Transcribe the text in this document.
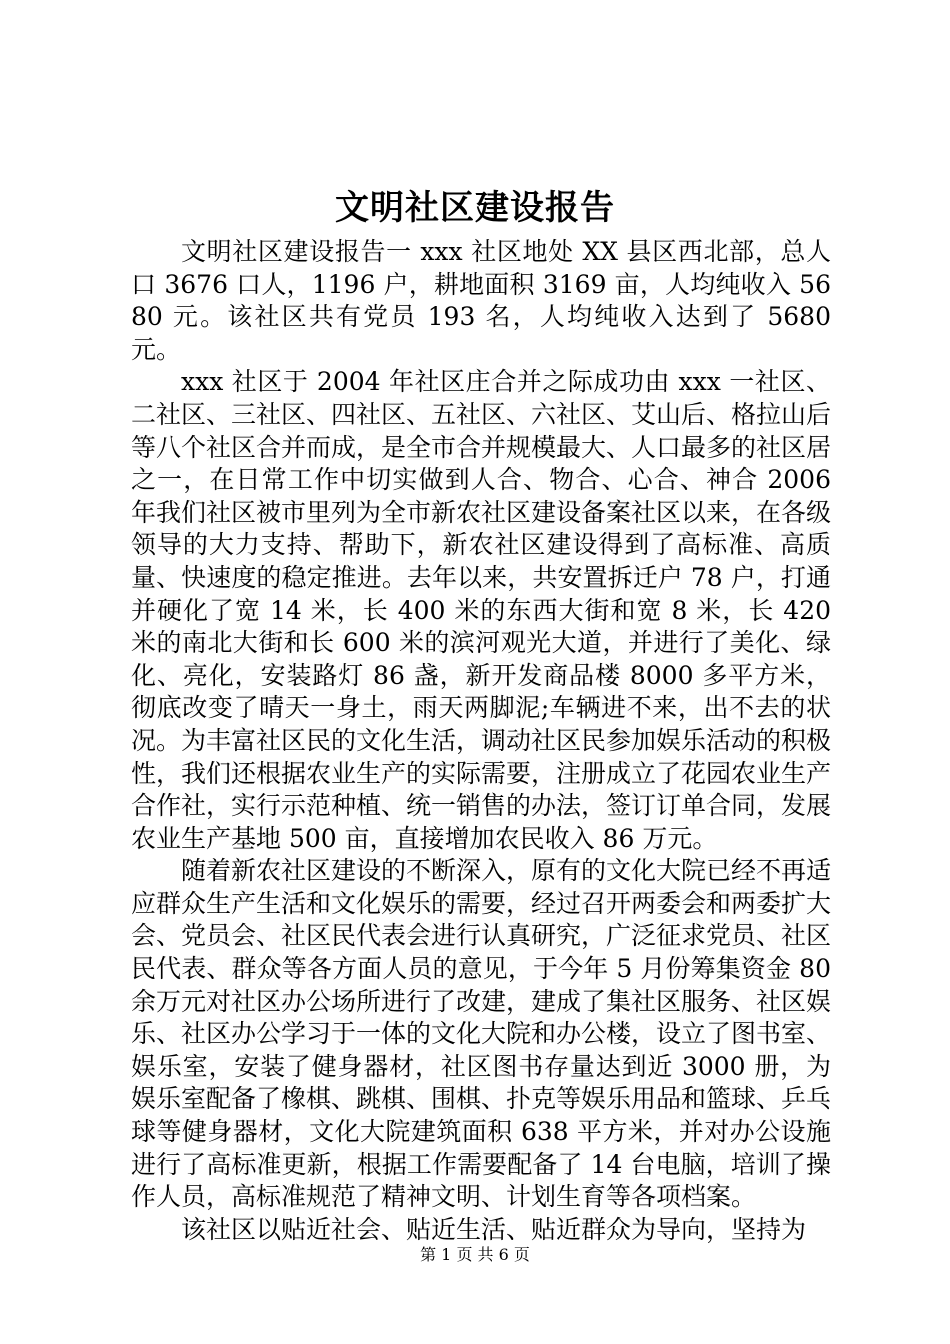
文明社区建设报告

文明社区建设报告一 xxx 社区地处 XX 县区西北部，总人口 3676 口人，1196 户，耕地面积 3169 亩，人均纯收入 5680 元。该社区共有党员 193 名，人均纯收入达到了 5680 元。

xxx 社区于 2004 年社区庄合并之际成功由 xxx 一社区、二社区、三社区、四社区、五社区、六社区、艾山后、格拉山后等八个社区合并而成，是全市合并规模最大、人口最多的社区居之一，在日常工作中切实做到人合、物合、心合、神合 2006 年我们社区被市里列为全市新农社区建设备案社区以来，在各级领导的大力支持、帮助下，新农社区建设得到了高标准、高质量、快速度的稳定推进。去年以来，共安置拆迁户 78 户，打通并硬化了宽 14 米，长 400 米的东西大街和宽 8 米，长 420 米的南北大街和长 600 米的滨河观光大道，并进行了美化、绿化、亮化，安装路灯 86 盏，新开发商品楼 8000 多平方米，彻底改变了晴天一身土，雨天两脚泥;车辆进不来，出不去的状况。为丰富社区民的文化生活，调动社区民参加娱乐活动的积极性，我们还根据农业生产的实际需要，注册成立了花园农业生产合作社，实行示范种植、统一销售的办法，签订订单合同，发展农业生产基地 500 亩，直接增加农民收入 86 万元。

随着新农社区建设的不断深入，原有的文化大院已经不再适应群众生产生活和文化娱乐的需要，经过召开两委会和两委扩大会、党员会、社区民代表会进行认真研究，广泛征求党员、社区民代表、群众等各方面人员的意见，于今年 5 月份筹集资金 80 余万元对社区办公场所进行了改建，建成了集社区服务、社区娱乐、社区办公学习于一体的文化大院和办公楼，设立了图书室、娱乐室，安装了健身器材，社区图书存量达到近 3000 册，为娱乐室配备了橡棋、跳棋、围棋、扑克等娱乐用品和篮球、乒乓球等健身器材，文化大院建筑面积 638 平方米，并对办公设施进行了高标准更新，根据工作需要配备了 14 台电脑，培训了操作人员，高标准规范了精神文明、计划生育等各项档案。

该社区以贴近社会、贴近生活、贴近群众为导向，坚持为

第 1 页 共 6 页
